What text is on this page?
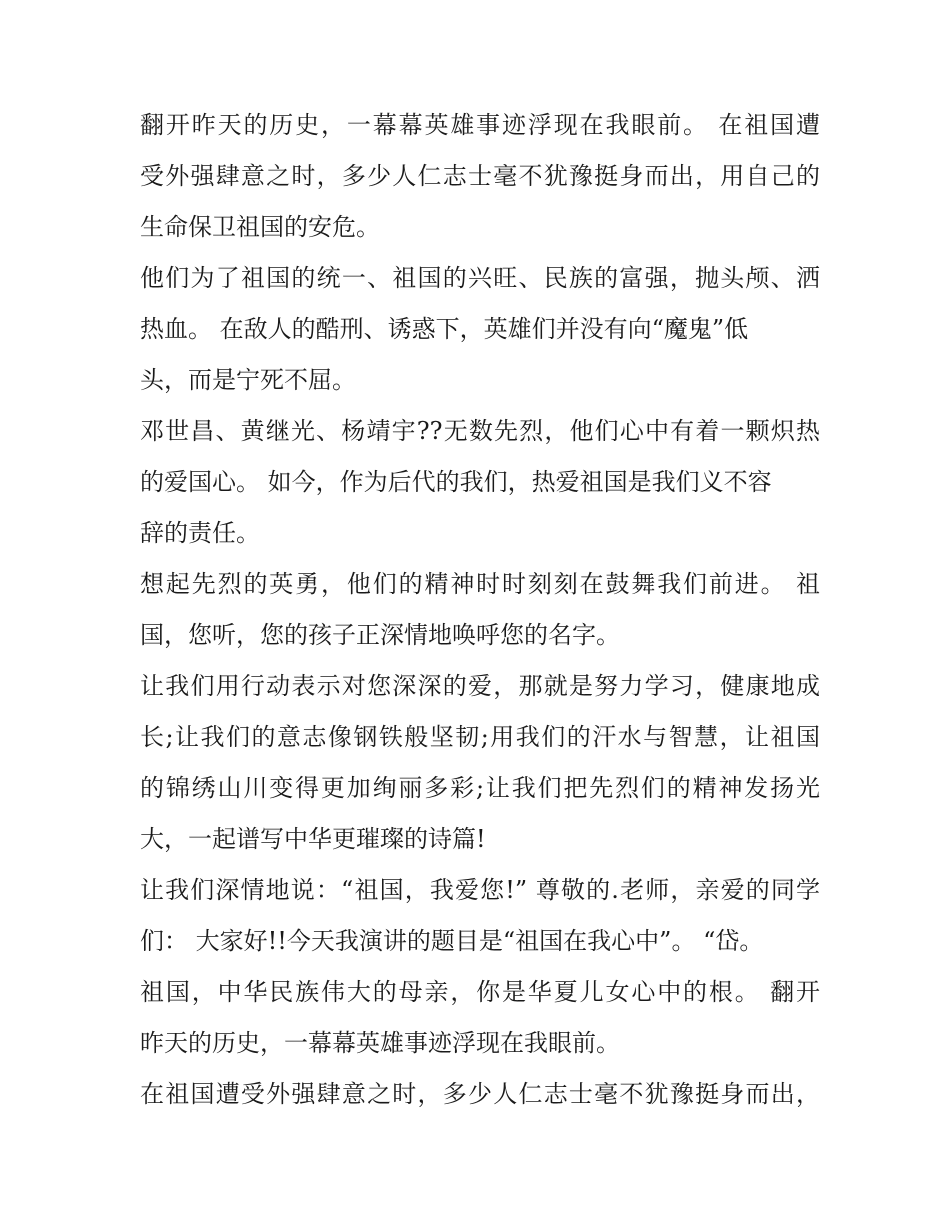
翻开昨天的历史，一幕幕英雄事迹浮现在我眼前。 在祖国遭
受外强肆意之时，多少人仁志士毫不犹豫挺身而出，用自己的
生命保卫祖国的安危。
他们为了祖国的统一、祖国的兴旺、民族的富强，抛头颅、洒
热血。 在敌人的酷刑、诱惑下，英雄们并没有向“魔鬼”低
头，而是宁死不屈。
邓世昌、黄继光、杨靖宇??无数先烈，他们心中有着一颗炽热
的爱国心。 如今，作为后代的我们，热爱祖国是我们义不容
辞的责任。
想起先烈的英勇，他们的精神时时刻刻在鼓舞我们前进。 祖
国，您听，您的孩子正深情地唤呼您的名字。
让我们用行动表示对您深深的爱，那就是努力学习，健康地成
长;让我们的意志像钢铁般坚韧;用我们的汗水与智慧，让祖国
的锦绣山川变得更加绚丽多彩;让我们把先烈们的精神发扬光
大，一起谱写中华更璀璨的诗篇!
让我们深情地说：“祖国，我爱您!” 尊敬的.老师，亲爱的同学
们： 大家好!!今天我演讲的题目是“祖国在我心中”。 “岱。
祖国，中华民族伟大的母亲，你是华夏儿女心中的根。 翻开
昨天的历史，一幕幕英雄事迹浮现在我眼前。
在祖国遭受外强肆意之时，多少人仁志士毫不犹豫挺身而出，
